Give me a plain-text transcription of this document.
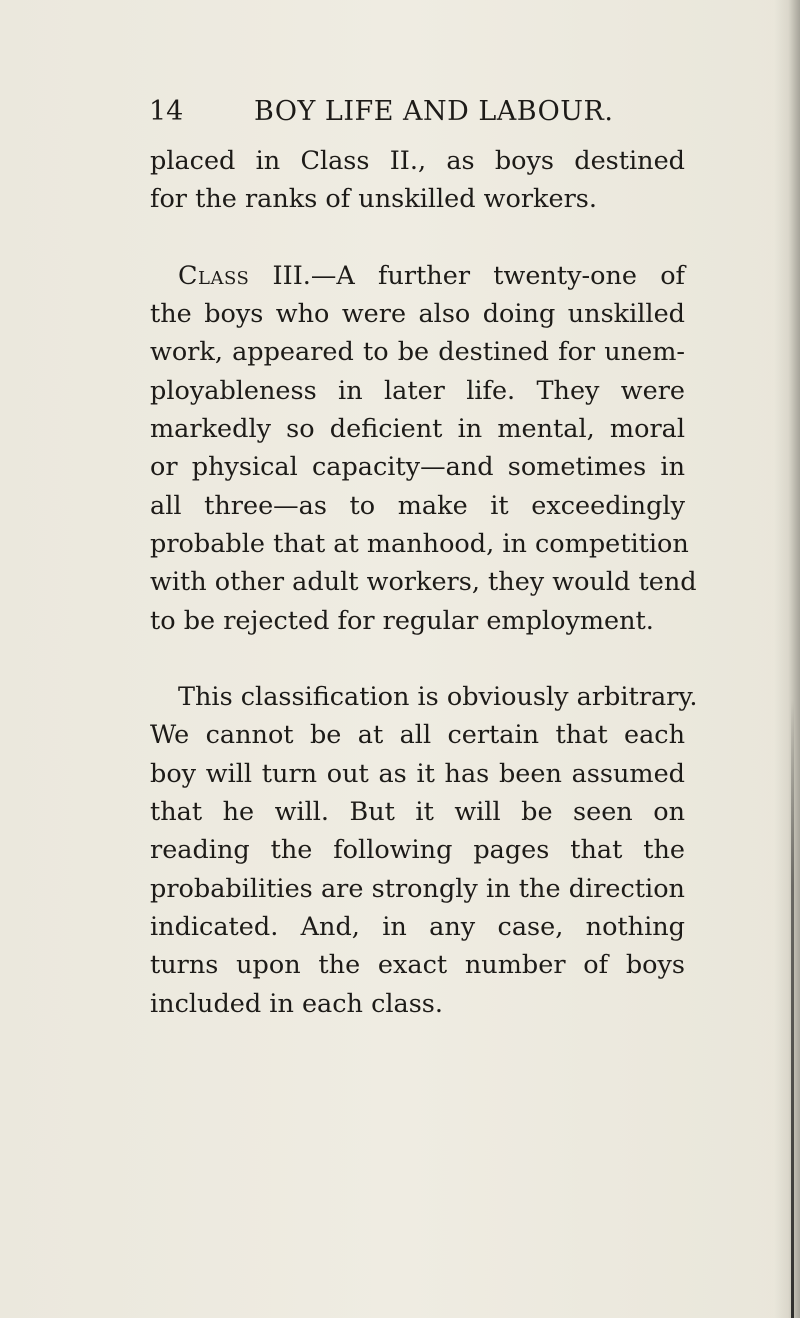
14	BOY LIFE AND LABOUR.
placed in Class II., as boys destined
for the ranks of unskilled workers.
Class III.—A further twenty-one of
the boys who were also doing unskilled
work, appeared to be destined for unem-
ployableness in later life. They were
markedly so deficient in mental, moral
or physical capacity—and sometimes in
all three—as to make it exceedingly
probable that at manhood, in competition
with other adult workers, they would tend
to be rejected for regular employment.
This classification is obviously arbitrary.
We cannot be at all certain that each
boy will turn out as it has been assumed
that he will. But it will be seen on
reading the following pages that the
probabilities are strongly in the direction
indicated. And, in any case, nothing
turns upon the exact number of boys
included in each class.
